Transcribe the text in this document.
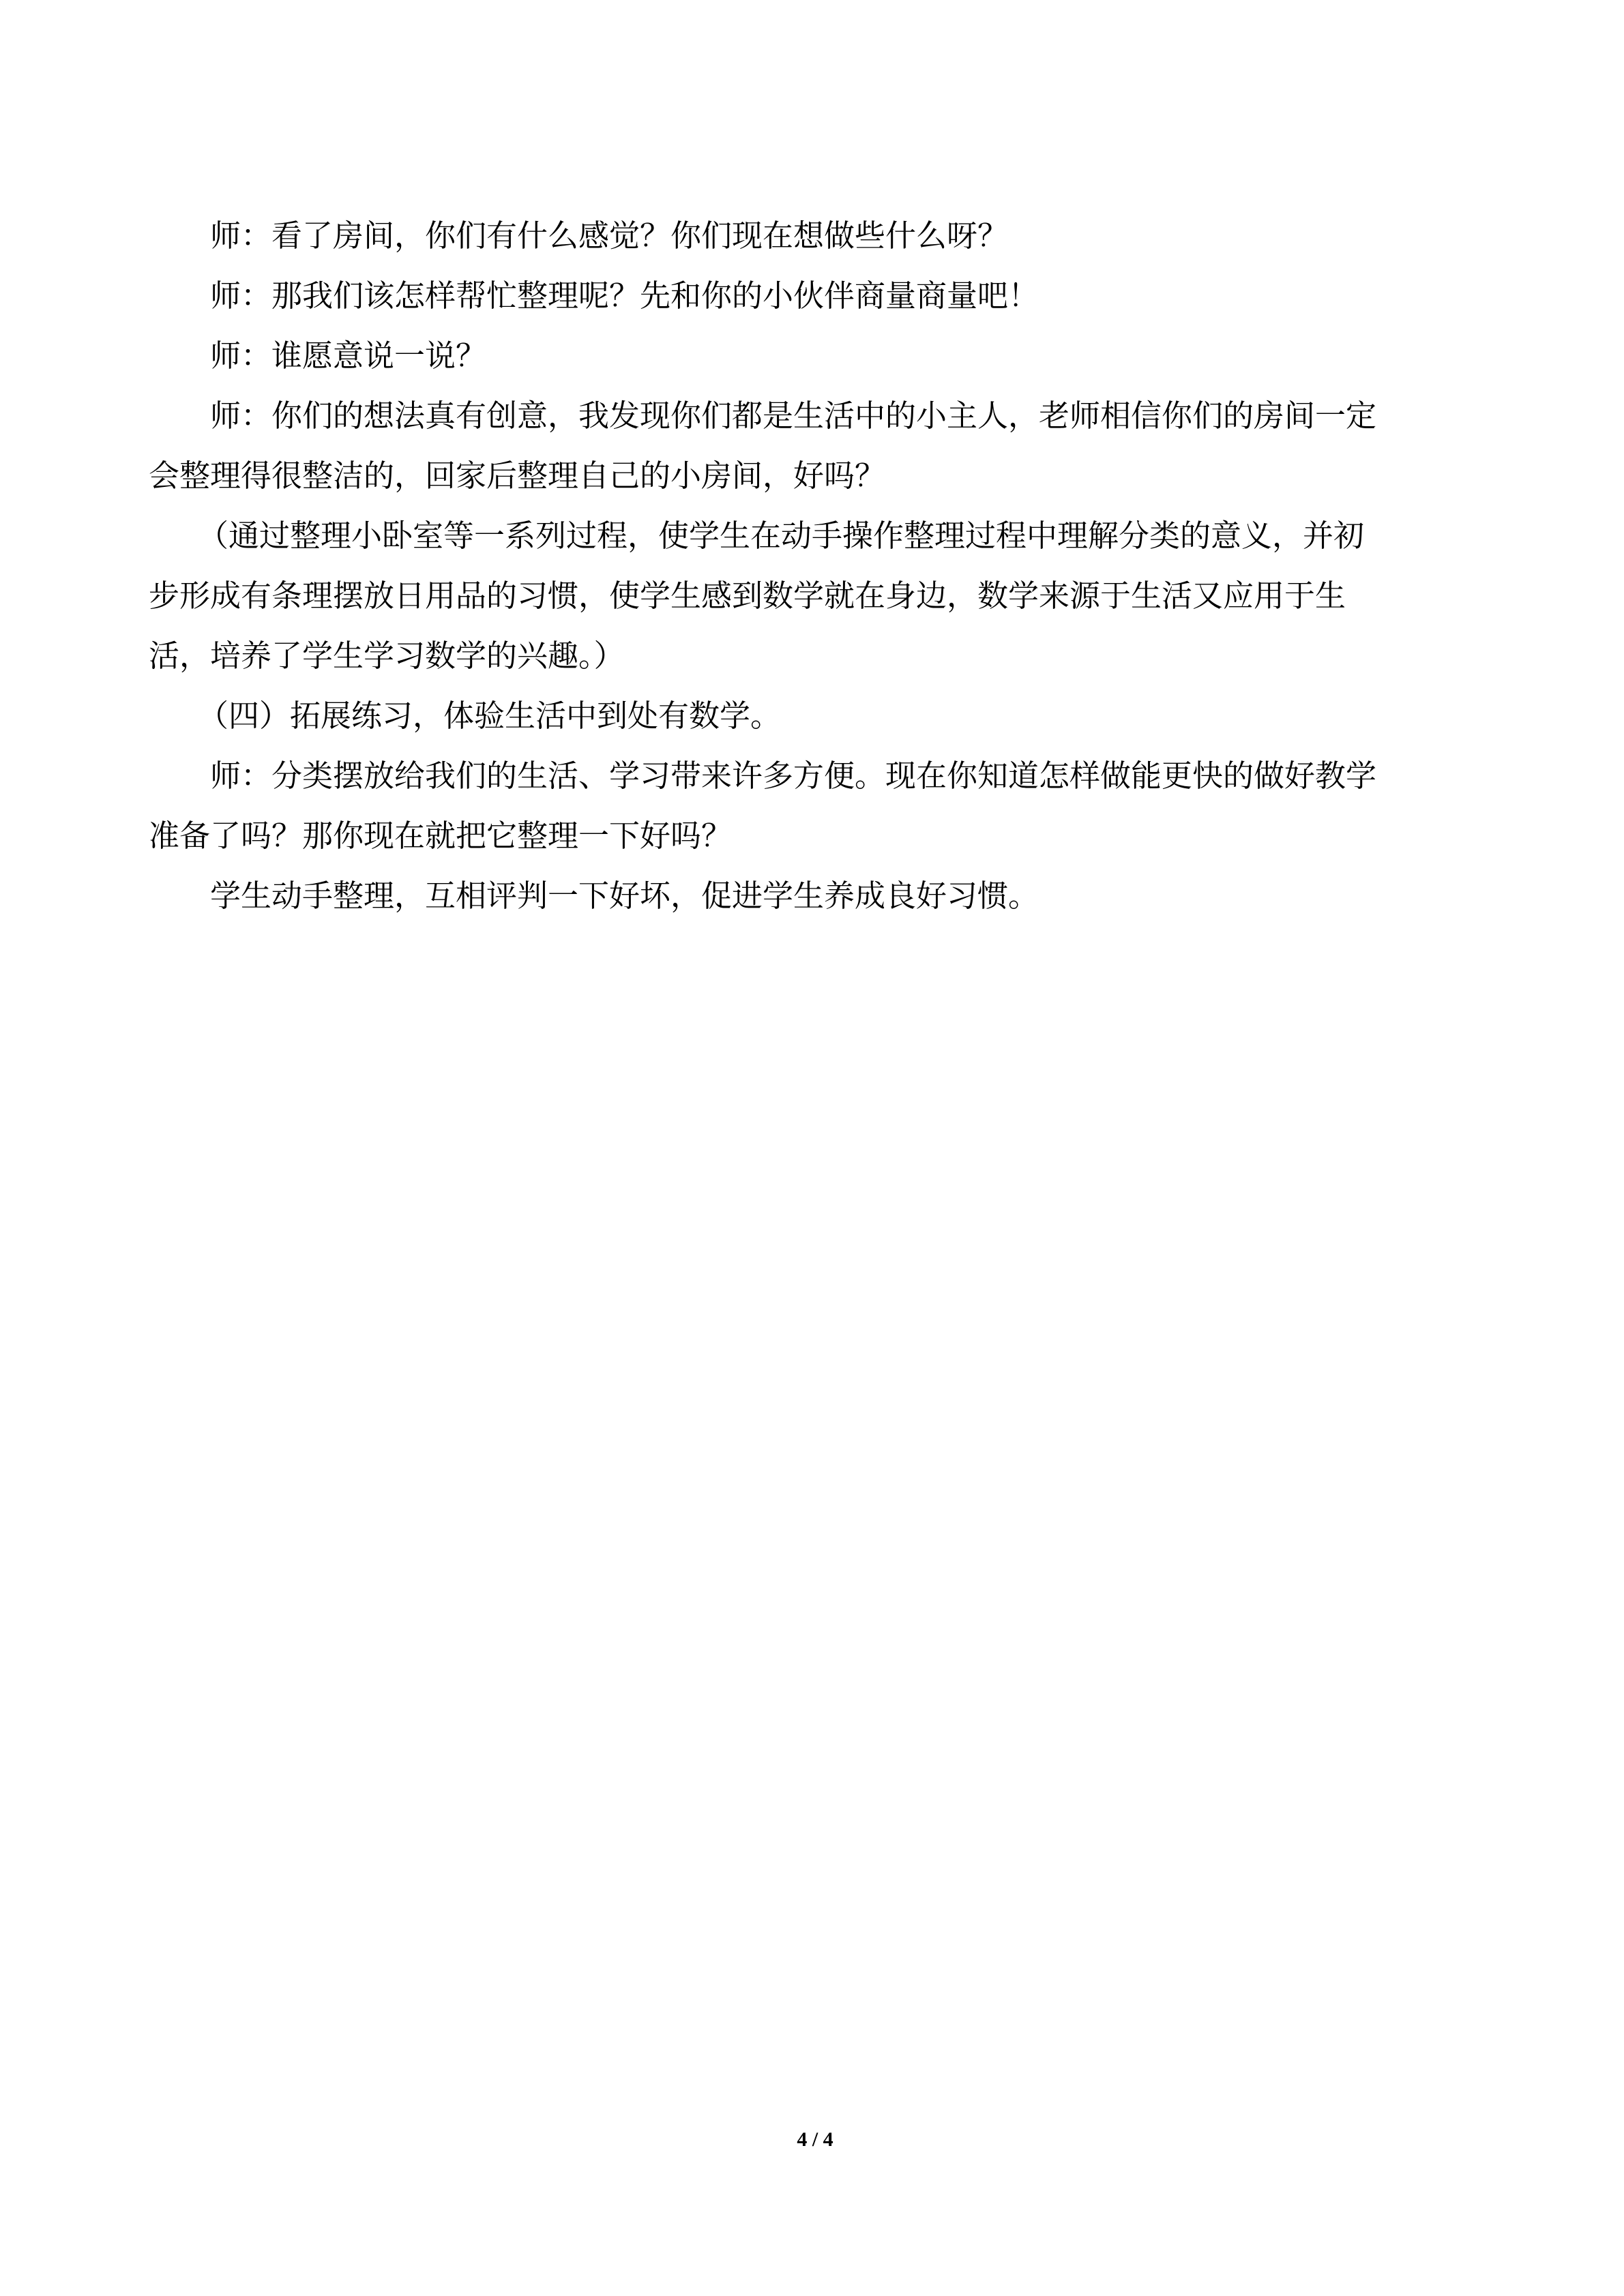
师：看了房间，你们有什么感觉？你们现在想做些什么呀？

师：那我们该怎样帮忙整理呢？先和你的小伙伴商量商量吧！

师：谁愿意说一说？

师：你们的想法真有创意，我发现你们都是生活中的小主人，老师相信你们的房间一定

会整理得很整洁的，回家后整理自己的小房间，好吗？

（通过整理小卧室等一系列过程，使学生在动手操作整理过程中理解分类的意义，并初

步形成有条理摆放日用品的习惯，使学生感到数学就在身边，数学来源于生活又应用于生

活，培养了学生学习数学的兴趣。）

（四）拓展练习，体验生活中到处有数学。

师：分类摆放给我们的生活、学习带来许多方便。现在你知道怎样做能更快的做好教学

准备了吗？那你现在就把它整理一下好吗？

学生动手整理，互相评判一下好坏，促进学生养成良好习惯。

4 / 4
